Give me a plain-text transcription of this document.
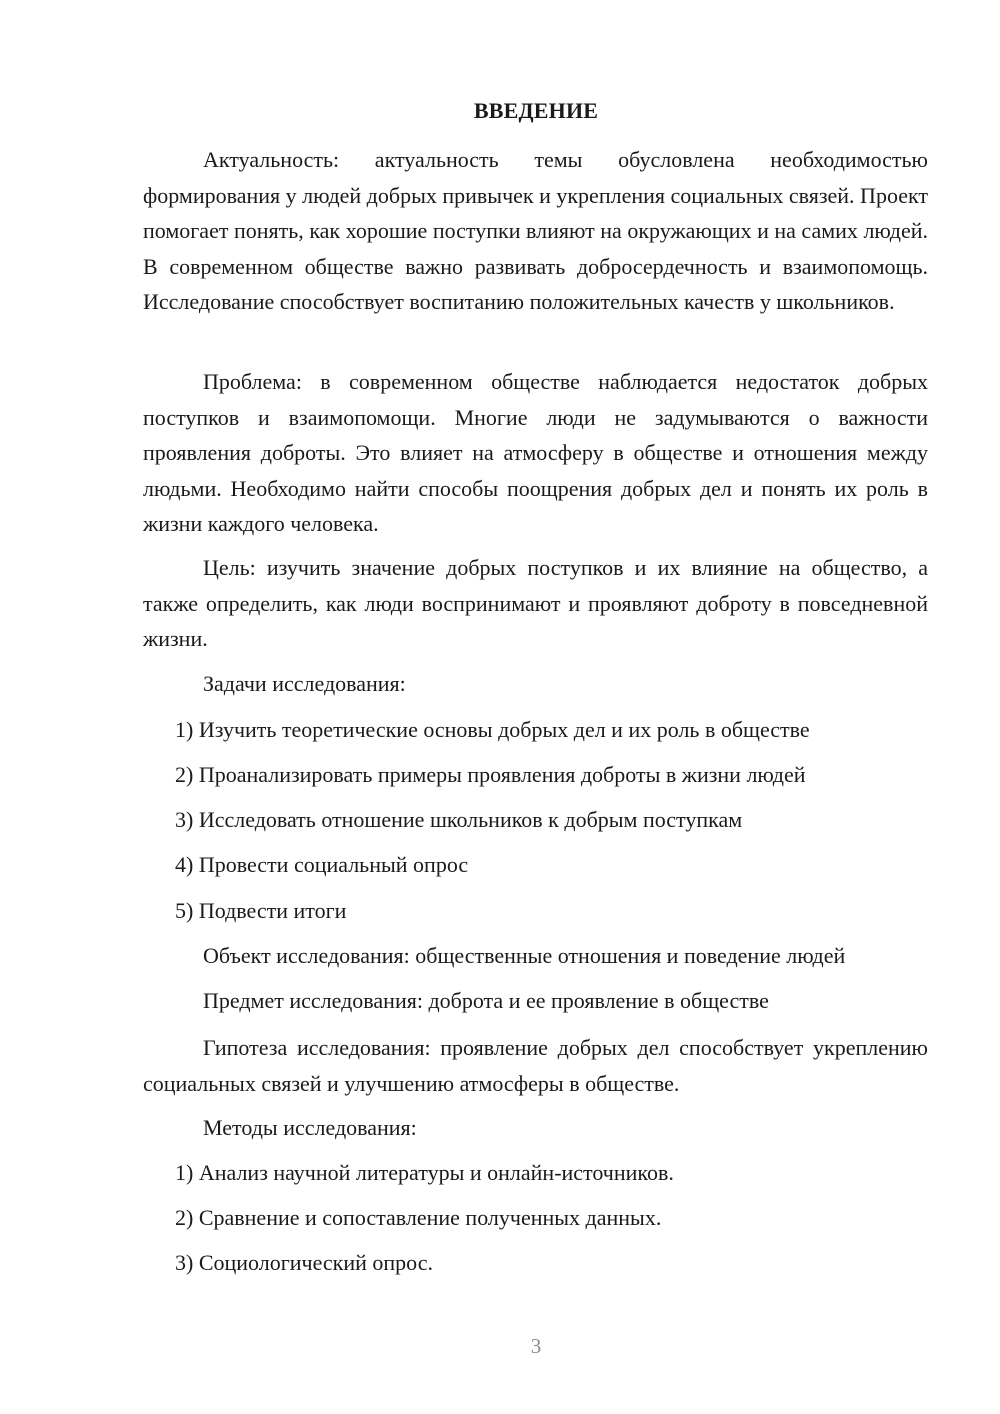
ВВЕДЕНИЕ

Актуальность: актуальность темы обусловлена необходимостью формирования у людей добрых привычек и укрепления социальных связей. Проект помогает понять, как хорошие поступки влияют на окружающих и на самих людей. В современном обществе важно развивать добросердечность и взаимопомощь. Исследование способствует воспитанию положительных качеств у школьников.

Проблема: в современном обществе наблюдается недостаток добрых поступков и взаимопомощи. Многие люди не задумываются о важности проявления доброты. Это влияет на атмосферу в обществе и отношения между людьми. Необходимо найти способы поощрения добрых дел и понять их роль в жизни каждого человека.

Цель: изучить значение добрых поступков и их влияние на общество, а также определить, как люди воспринимают и проявляют доброту в повседневной жизни.

Задачи исследования:
1) Изучить теоретические основы добрых дел и их роль в обществе
2) Проанализировать примеры проявления доброты в жизни людей
3) Исследовать отношение школьников к добрым поступкам
4) Провести социальный опрос
5) Подвести итоги
Объект исследования: общественные отношения и поведение людей
Предмет исследования: доброта и ее проявление в обществе

Гипотеза исследования: проявление добрых дел способствует укреплению социальных связей и улучшению атмосферы в обществе.

Методы исследования:
1) Анализ научной литературы и онлайн-источников.
2) Сравнение и сопоставление полученных данных.
3) Социологический опрос.
3
